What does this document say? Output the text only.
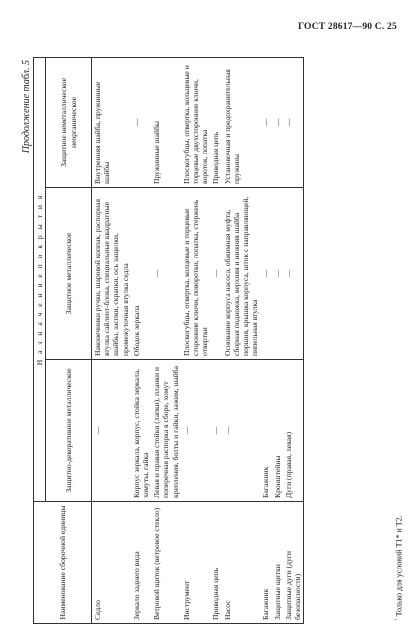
ГОСТ 28617—90 С. 25
Продолжение табл. 5
Наименование сборочной единицы	Н а з н а ч е н и е п о к р ы т и я		
	Защитно-декоративное металлическое	Защитное металлическое	Защитное неметаллическое неорганическое
Седло	—	Наконечники ручки, шаровой коппак, распорная втулка сайлент-блока, специальные квадратные шайбы, заспки, скрапки, ось защелки, промежуточная втулка седла	Внутренняя шайба, пружинные шайбы
Зеркало заднего вида	Корпус зеркала, корпус, стойка зеркала, хомуты, гайка	Ободок зеркала	—
Ветровой щиток (ветровое стекло)	Левая и правая стойки (лапки), планки и поперечная распорка в сборе, хомут крепления, болты и гайки, зажим, шайба	—	Пружинные шайбы
Инструмент	—	Плоскогубцы, отвертка, колцевые и торцевые сторонние ключи, поворотки, лопатка, стержень отвертки	Плоскогубцы, отвертка, кольцевые и торцевые двухсторонние ключи, вороток, лопатка
Приводная цепь	—	—	Приводная цепь
Насос	—	Основание корпуса насоса, обжимная муфта, сборная подножка, верхняя и нижняя шайба поршня, крышка корпуса, шток с направляющей, пипельная втулка	Установочная и предохранительная пружины
Багажник	Багажник	—	—
Защитные щитки	Кронштейны	—	—
Защитные дуги (дуги безопасности)	Дуги (правая, левая)	—	—
$^{^1}$ Только для условий Т1* и Т2.
